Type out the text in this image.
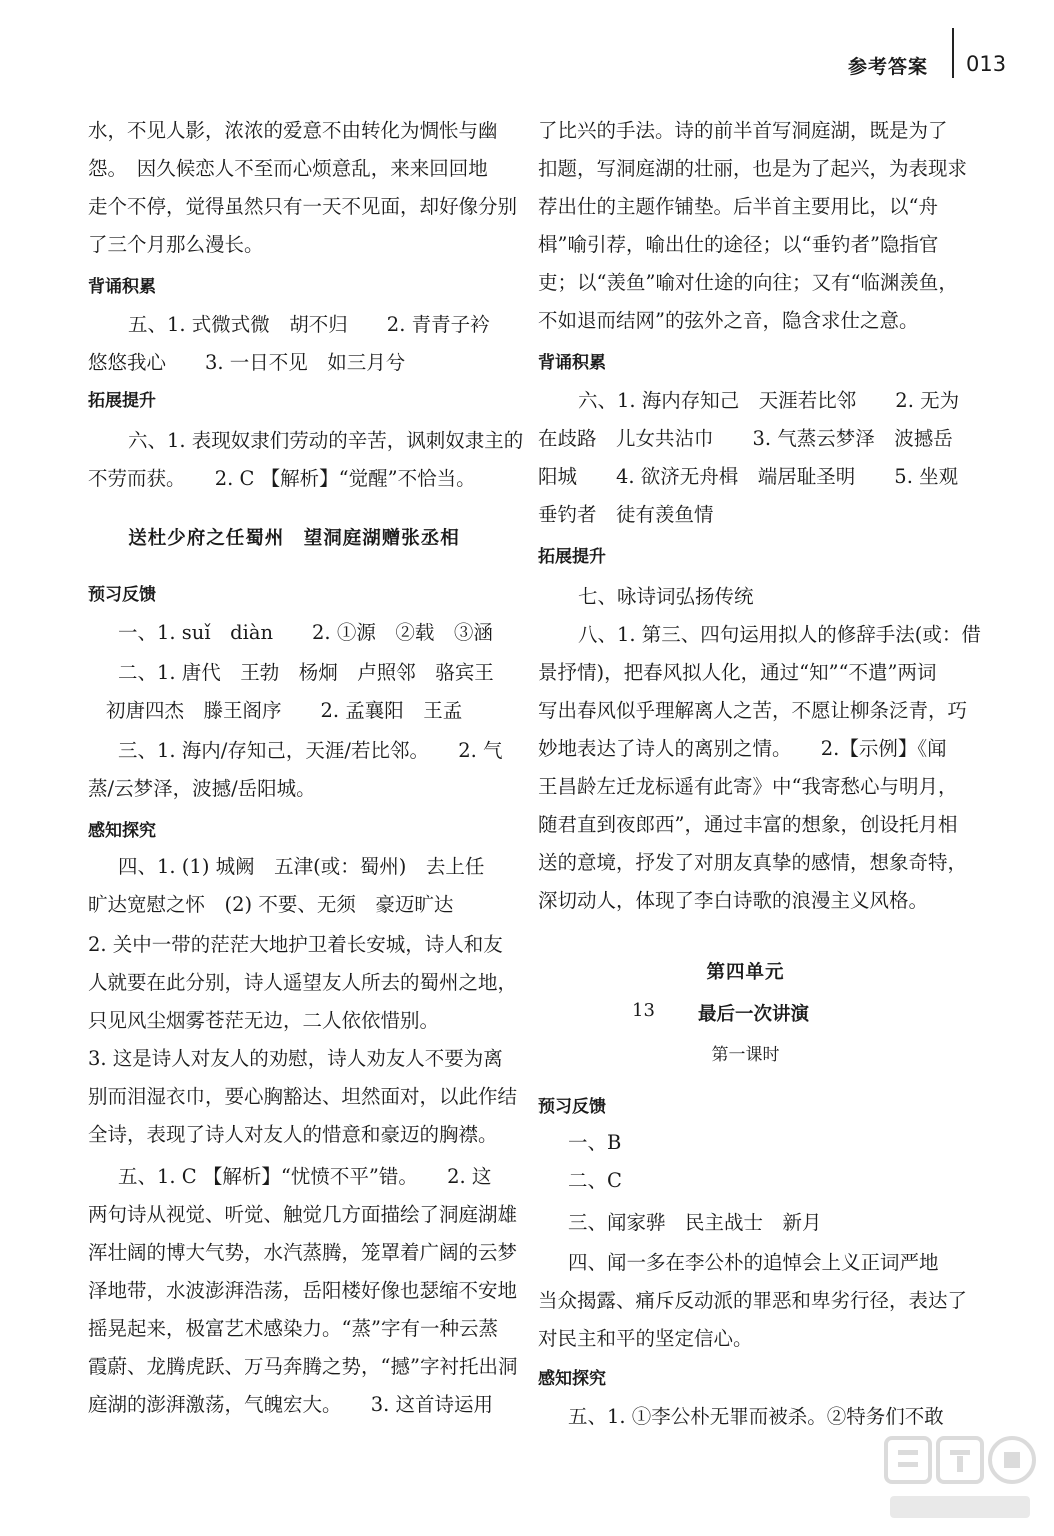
参考答案 013
水，不见人影，浓浓的爱意不由转化为惆怅与幽
怨。　因久候恋人不至而心烦意乱，来来回回地
走个不停，觉得虽然只有一天不见面，却好像分别
了三个月那么漫长。
背诵积累
五、1. 式微式微　胡不归　　2. 青青子衿
悠悠我心　　3. 一日不见　如三月兮
拓展提升
六、1. 表现奴隶们劳动的辛苦，讽刺奴隶主的
不劳而获。　　2. C 【解析】“觉醒”不恰当。
送杜少府之任蜀州　望洞庭湖赠张丞相
预习反馈
一、1. suǐ　diàn　　2. ①源　②载　③涵
二、1. 唐代　王勃　杨炯　卢照邻　骆宾王
初唐四杰　滕王阁序　　2. 孟襄阳　王孟
三、1. 海内/存知己，天涯/若比邻。　　2. 气
蒸/云梦泽，波撼/岳阳城。
感知探究
四、1. (1) 城阙　五津(或：蜀州)　去上任
旷达宽慰之怀　(2) 不要、无须　豪迈旷达
2. 关中一带的茫茫大地护卫着长安城，诗人和友
人就要在此分别，诗人遥望友人所去的蜀州之地，
只见风尘烟雾苍茫无边，二人依依惜别。
3. 这是诗人对友人的劝慰，诗人劝友人不要为离
别而泪湿衣巾，要心胸豁达、坦然面对，以此作结
全诗，表现了诗人对友人的惜意和豪迈的胸襟。
五、1. C 【解析】“忧愤不平”错。　　2. 这
两句诗从视觉、听觉、触觉几方面描绘了洞庭湖雄
浑壮阔的博大气势，水汽蒸腾，笼罩着广阔的云梦
泽地带，水波澎湃浩荡，岳阳楼好像也瑟缩不安地
摇晃起来，极富艺术感染力。“蒸”字有一种云蒸
霞蔚、龙腾虎跃、万马奔腾之势，“撼”字衬托出洞
庭湖的澎湃激荡，气魄宏大。　　3. 这首诗运用
了比兴的手法。诗的前半首写洞庭湖，既是为了
扣题，写洞庭湖的壮丽，也是为了起兴，为表现求
荐出仕的主题作铺垫。后半首主要用比，以“舟
楫”喻引荐，喻出仕的途径；以“垂钓者”隐指官
吏；以“羡鱼”喻对仕途的向往；又有“临渊羡鱼，
不如退而结网”的弦外之音，隐含求仕之意。
背诵积累
六、1. 海内存知己　天涯若比邻　　2. 无为
在歧路　儿女共沾巾　　3. 气蒸云梦泽　波撼岳
阳城　　4. 欲济无舟楫　端居耻圣明　　5. 坐观
垂钓者　徒有羡鱼情
拓展提升
七、咏诗词弘扬传统
八、1. 第三、四句运用拟人的修辞手法(或：借
景抒情)，把春风拟人化，通过“知”“不遣”两词
写出春风似乎理解离人之苦，不愿让柳条泛青，巧
妙地表达了诗人的离别之情。　　2.【示例】《闻
王昌龄左迁龙标遥有此寄》中“我寄愁心与明月，
随君直到夜郎西”，通过丰富的想象，创设托月相
送的意境，抒发了对朋友真挚的感情，想象奇特，
深切动人，体现了李白诗歌的浪漫主义风格。
第四单元
13 最后一次讲演
第一课时
预习反馈
一、B
二、C
三、闻家骅　民主战士　新月
四、闻一多在李公朴的追悼会上义正词严地
当众揭露、痛斥反动派的罪恶和卑劣行径，表达了
对民主和平的坚定信心。
感知探究
五、1. ①李公朴无罪而被杀。②特务们不敢
